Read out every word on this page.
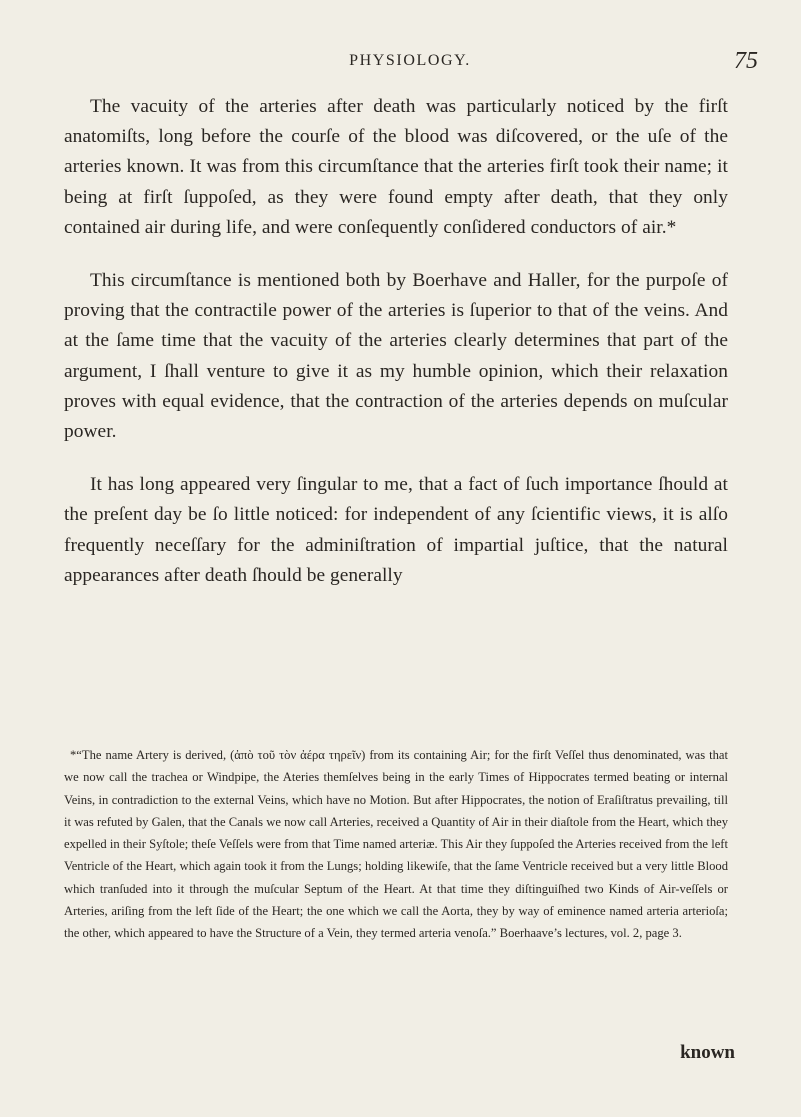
PHYSIOLOGY.	75

The vacuity of the arteries after death was particularly noticed by the firſt anatomiſts, long before the courſe of the blood was diſcovered, or the uſe of the arteries known. It was from this circumſtance that the arteries firſt took their name; it being at firſt ſuppoſed, as they were found empty after death, that they only contained air during life, and were conſequently conſidered conductors of air.*

This circumſtance is mentioned both by Boerhave and Haller, for the purpoſe of proving that the contractile power of the arteries is ſuperior to that of the veins. And at the ſame time that the vacuity of the arteries clearly determines that part of the argument, I ſhall venture to give it as my humble opinion, which their relaxation proves with equal evidence, that the contraction of the arteries depends on muſcular power.

It has long appeared very ſingular to me, that a fact of ſuch importance ſhould at the preſent day be ſo little noticed: for independent of any ſcientific views, it is alſo frequently neceſſary for the adminiſtration of impartial juſtice, that the natural appearances after death ſhould be generally

*“The name Artery is derived, (ἀπὸ τοῦ τὸν ἀέρα τηρεῖν) from its containing Air; for the firſt Veſſel thus denominated, was that we now call the trachea or Windpipe, the Ateries themſelves being in the early Times of Hippocrates termed beating or internal Veins, in contradiction to the external Veins, which have no Motion. But after Hippocrates, the notion of Eraſiſtratus prevailing, till it was refuted by Galen, that the Canals we now call Arteries, received a Quantity of Air in their diaſtole from the Heart, which they expelled in their Syſtole; theſe Veſſels were from that Time named arteriæ. This Air they ſuppoſed the Arteries received from the left Ventricle of the Heart, which again took it from the Lungs; holding likewiſe, that the ſame Ventricle received but a very little Blood which tranſuded into it through the muſcular Septum of the Heart. At that time they diſtinguiſhed two Kinds of Air-veſſels or Arteries, ariſing from the left ſide of the Heart; the one which we call the Aorta, they by way of eminence named arteria arterioſa; the other, which appeared to have the Structure of a Vein, they termed arteria venoſa.” Boerhaave’s lectures, vol. 2, page 3.
known
